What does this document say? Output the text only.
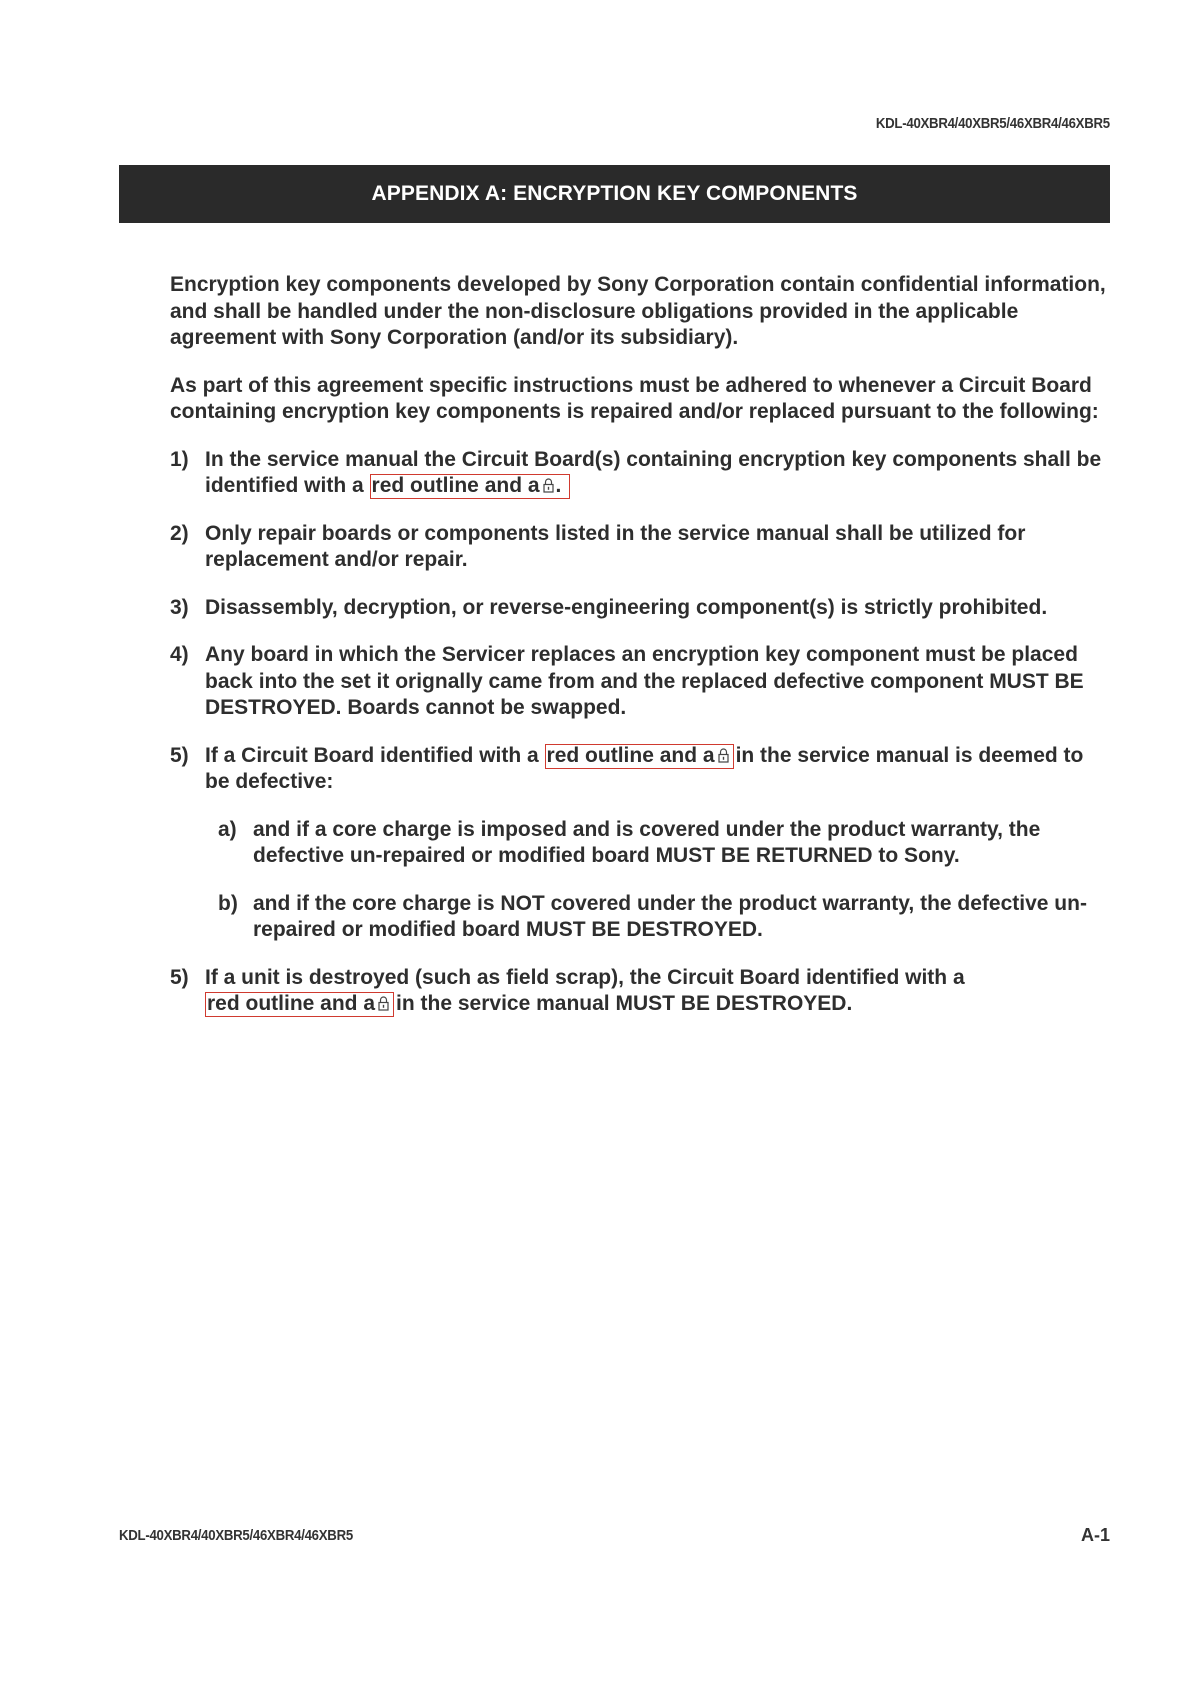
KDL-40XBR4/40XBR5/46XBR4/46XBR5
APPENDIX A: ENCRYPTION KEY COMPONENTS

Encryption key components developed by Sony Corporation contain confidential information, and shall be handled under the non-disclosure obligations provided in the applicable agreement with Sony Corporation (and/or its subsidiary).

As part of this agreement specific instructions must be adhered to whenever a Circuit Board containing encryption key components is repaired and/or replaced pursuant to the following:

1) In the service manual the Circuit Board(s) containing encryption key components shall be identified with a red outline and a .
2) Only repair boards or components listed in the service manual shall be utilized for replacement and/or repair.
3) Disassembly, decryption, or reverse-engineering component(s) is strictly prohibited.
4) Any board in which the Servicer replaces an encryption key component must be placed back into the set it orignally came from and the replaced defective component MUST BE DESTROYED. Boards cannot be swapped.
5) If a Circuit Board identified with a red outline and a in the service manual is deemed to be defective:
a) and if a core charge is imposed and is covered under the product warranty, the defective un-repaired or modified board MUST BE RETURNED to Sony.
b) and if the core charge is NOT covered under the product warranty, the defective un-repaired or modified board MUST BE DESTROYED.
5) If a unit is destroyed (such as field scrap), the Circuit Board identified with a red outline and a in the service manual MUST BE DESTROYED.
KDL-40XBR4/40XBR5/46XBR4/46XBR5	A-1
